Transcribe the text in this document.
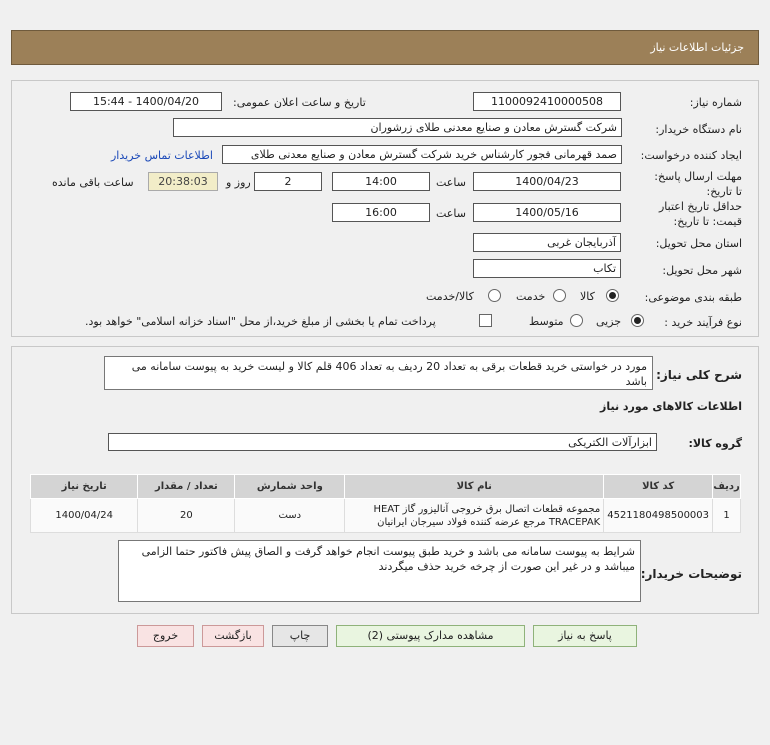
جزئیات اطلاعات نیاز
شماره نیاز:
1100092410000508
تاریخ و ساعت اعلان عمومی:
1400/04/20 - 15:44
نام دستگاه خریدار:
شرکت گسترش معادن و صنایع معدنی طلای زرشوران
ایجاد کننده درخواست:
صمد قهرمانی فجور کارشناس خرید شرکت گسترش معادن و صنایع معدنی طلای
اطلاعات تماس خریدار
مهلت ارسال پاسخ: تا تاریخ:
1400/04/23
ساعت
14:00
2
روز و
20:38:03
ساعت باقی مانده
حداقل تاریخ اعتبار قیمت: تا تاریخ:
1400/05/16
ساعت
16:00
استان محل تحویل:
آذربایجان غربی
شهر محل تحویل:
تکاب
طبقه بندی موضوعی:
کالا
خدمت
کالا/خدمت
نوع فرآیند خرید :
جزیی
متوسط
پرداخت تمام یا بخشی از مبلغ خرید،از محل "اسناد خزانه اسلامی" خواهد بود.
شرح کلی نیاز:
مورد در خواستی خرید قطعات برقی به تعداد 20 ردیف به تعداد 406 قلم کالا و لیست خرید به پیوست سامانه می باشد
اطلاعات کالاهای مورد نیاز
گروه کالا:
ابزارآلات الکتریکی
ردیف	کد کالا	نام کالا	واحد شمارش	تعداد / مقدار	تاریخ نیاز
1	4521180498500003	مجموعه قطعات اتصال برق خروجی آنالیزور گاز HEAT TRACEPAK مرجع عرضه کننده فولاد سیرجان ایرانیان	دست	20	1400/04/24
توضیحات خریدار:
شرایط به پیوست سامانه می باشد و خرید طبق پیوست انجام خواهد گرفت و الصاق پیش فاکتور حتما الزامی میباشد و در غیر این صورت از چرخه خرید حذف میگردند
پاسخ به نیاز
مشاهده مدارک پیوستی (2)
چاپ
بازگشت
خروج
